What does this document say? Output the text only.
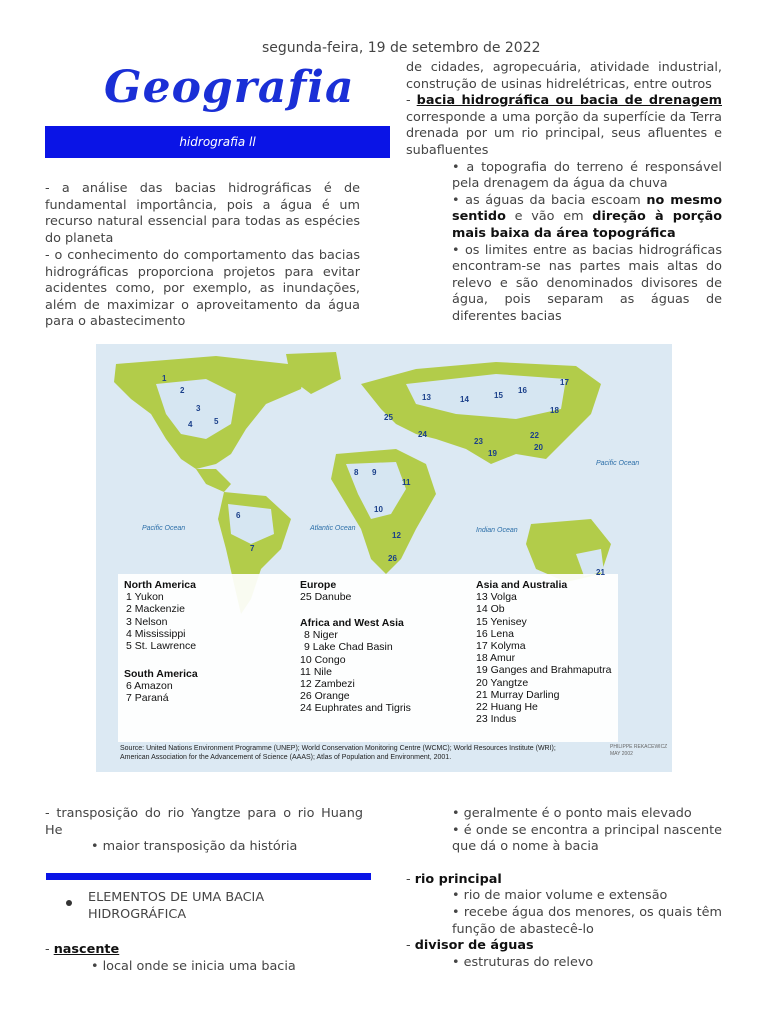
segunda-feira, 19 de setembro de 2022
Geografia
hidrografia ll
- a análise das bacias hidrográficas é de fundamental importância, pois a água é um recurso natural essencial para todas as espécies do planeta
- o conhecimento do comportamento das bacias hidrográficas proporciona projetos para evitar acidentes como, por exemplo, as inundações, além de maximizar o aproveitamento da água para o abastecimento
de cidades, agropecuária, atividade industrial, construção de usinas hidrelétricas, entre outros
- bacia hidrográfica ou bacia de drenagem corresponde a uma porção da superfície da Terra drenada por um rio principal, seus afluentes e subafluentes
• a topografia do terreno é responsável pela drenagem da água da chuva
• as águas da bacia escoam no mesmo sentido e vão em direção à porção mais baixa da área topográfica
• os limites entre as bacias hidrográficas encontram-se nas partes mais altas do relevo e são denominados divisores de água, pois separam as águas de diferentes bacias
1
2
3
4	5
6
7
8 9
10
11
12
13	14	15
16
17
18
19
20
21
22
23
24
25
26
Pacific Ocean	Atlantic Ocean	Indian Ocean
Pacific Ocean
North America
1 Yukon
2 Mackenzie
3 Nelson
4 Mississippi
5 St. Lawrence
South America
6 Amazon
7 Paraná
Europe
25 Danube
Africa and West Asia
8 Niger
9 Lake Chad Basin
10 Congo
11 Nile
12 Zambezi
26 Orange
24 Euphrates and Tigris
Asia and Australia
13 Volga
14 Ob
15 Yenisey
16 Lena
17 Kolyma
18 Amur
19 Ganges and Brahmaputra
20 Yangtze
21 Murray Darling
22 Huang He
23 Indus
Source: United Nations Environment Programme (UNEP); World Conservation Monitoring Centre (WCMC); World Resources Institute (WRI);
American Association for the Advancement of Science (AAAS); Atlas of Population and Environment, 2001.
PHILIPPE REKACEWICZ
MAY 2002
- transposição do rio Yangtze para o rio Huang He
• maior transposição da história
ELEMENTOS DE UMA BACIA HIDROGRÁFICA
- nascente
• local onde se inicia uma bacia
• geralmente é o ponto mais elevado
• é onde se encontra a principal nascente que dá o nome à bacia
- rio principal
• rio de maior volume e extensão
• recebe água dos menores, os quais têm função de abastecê-lo
- divisor de águas
• estruturas do relevo
